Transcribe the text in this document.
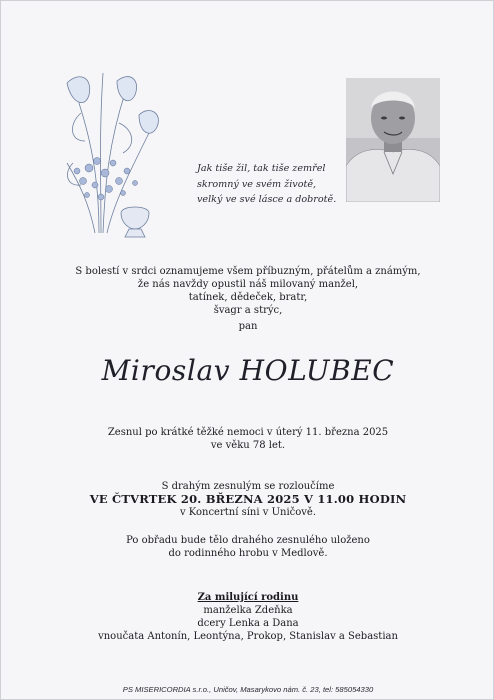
Jak tiše žil, tak tiše zemřel
skromný ve svém životě,
velký ve své lásce a dobrotě.
S bolestí v srdci oznamujeme všem příbuzným, přátelům a známým,
že nás navždy opustil náš milovaný manžel,
tatínek, dědeček, bratr,
švagr a strýc,
pan
Miroslav HOLUBEC
Zesnul po krátké těžké nemoci v úterý 11. března 2025
ve věku 78 let.
S drahým zesnulým se rozloučíme
VE ČTVRTEK 20. BŘEZNA 2025 V 11.00 HODIN
v Koncertní síni v Uničově.
Po obřadu bude tělo drahého zesnulého uloženo
do rodinného hrobu v Medlově.
Za milující rodinu
manželka Zdeňka
dcery Lenka a Dana
vnoučata Antonín, Leontýna, Prokop, Stanislav a Sebastian
PS MISERICORDIA s.r.o., Uničov, Masarykovo nám. č. 23, tel: 585054330
